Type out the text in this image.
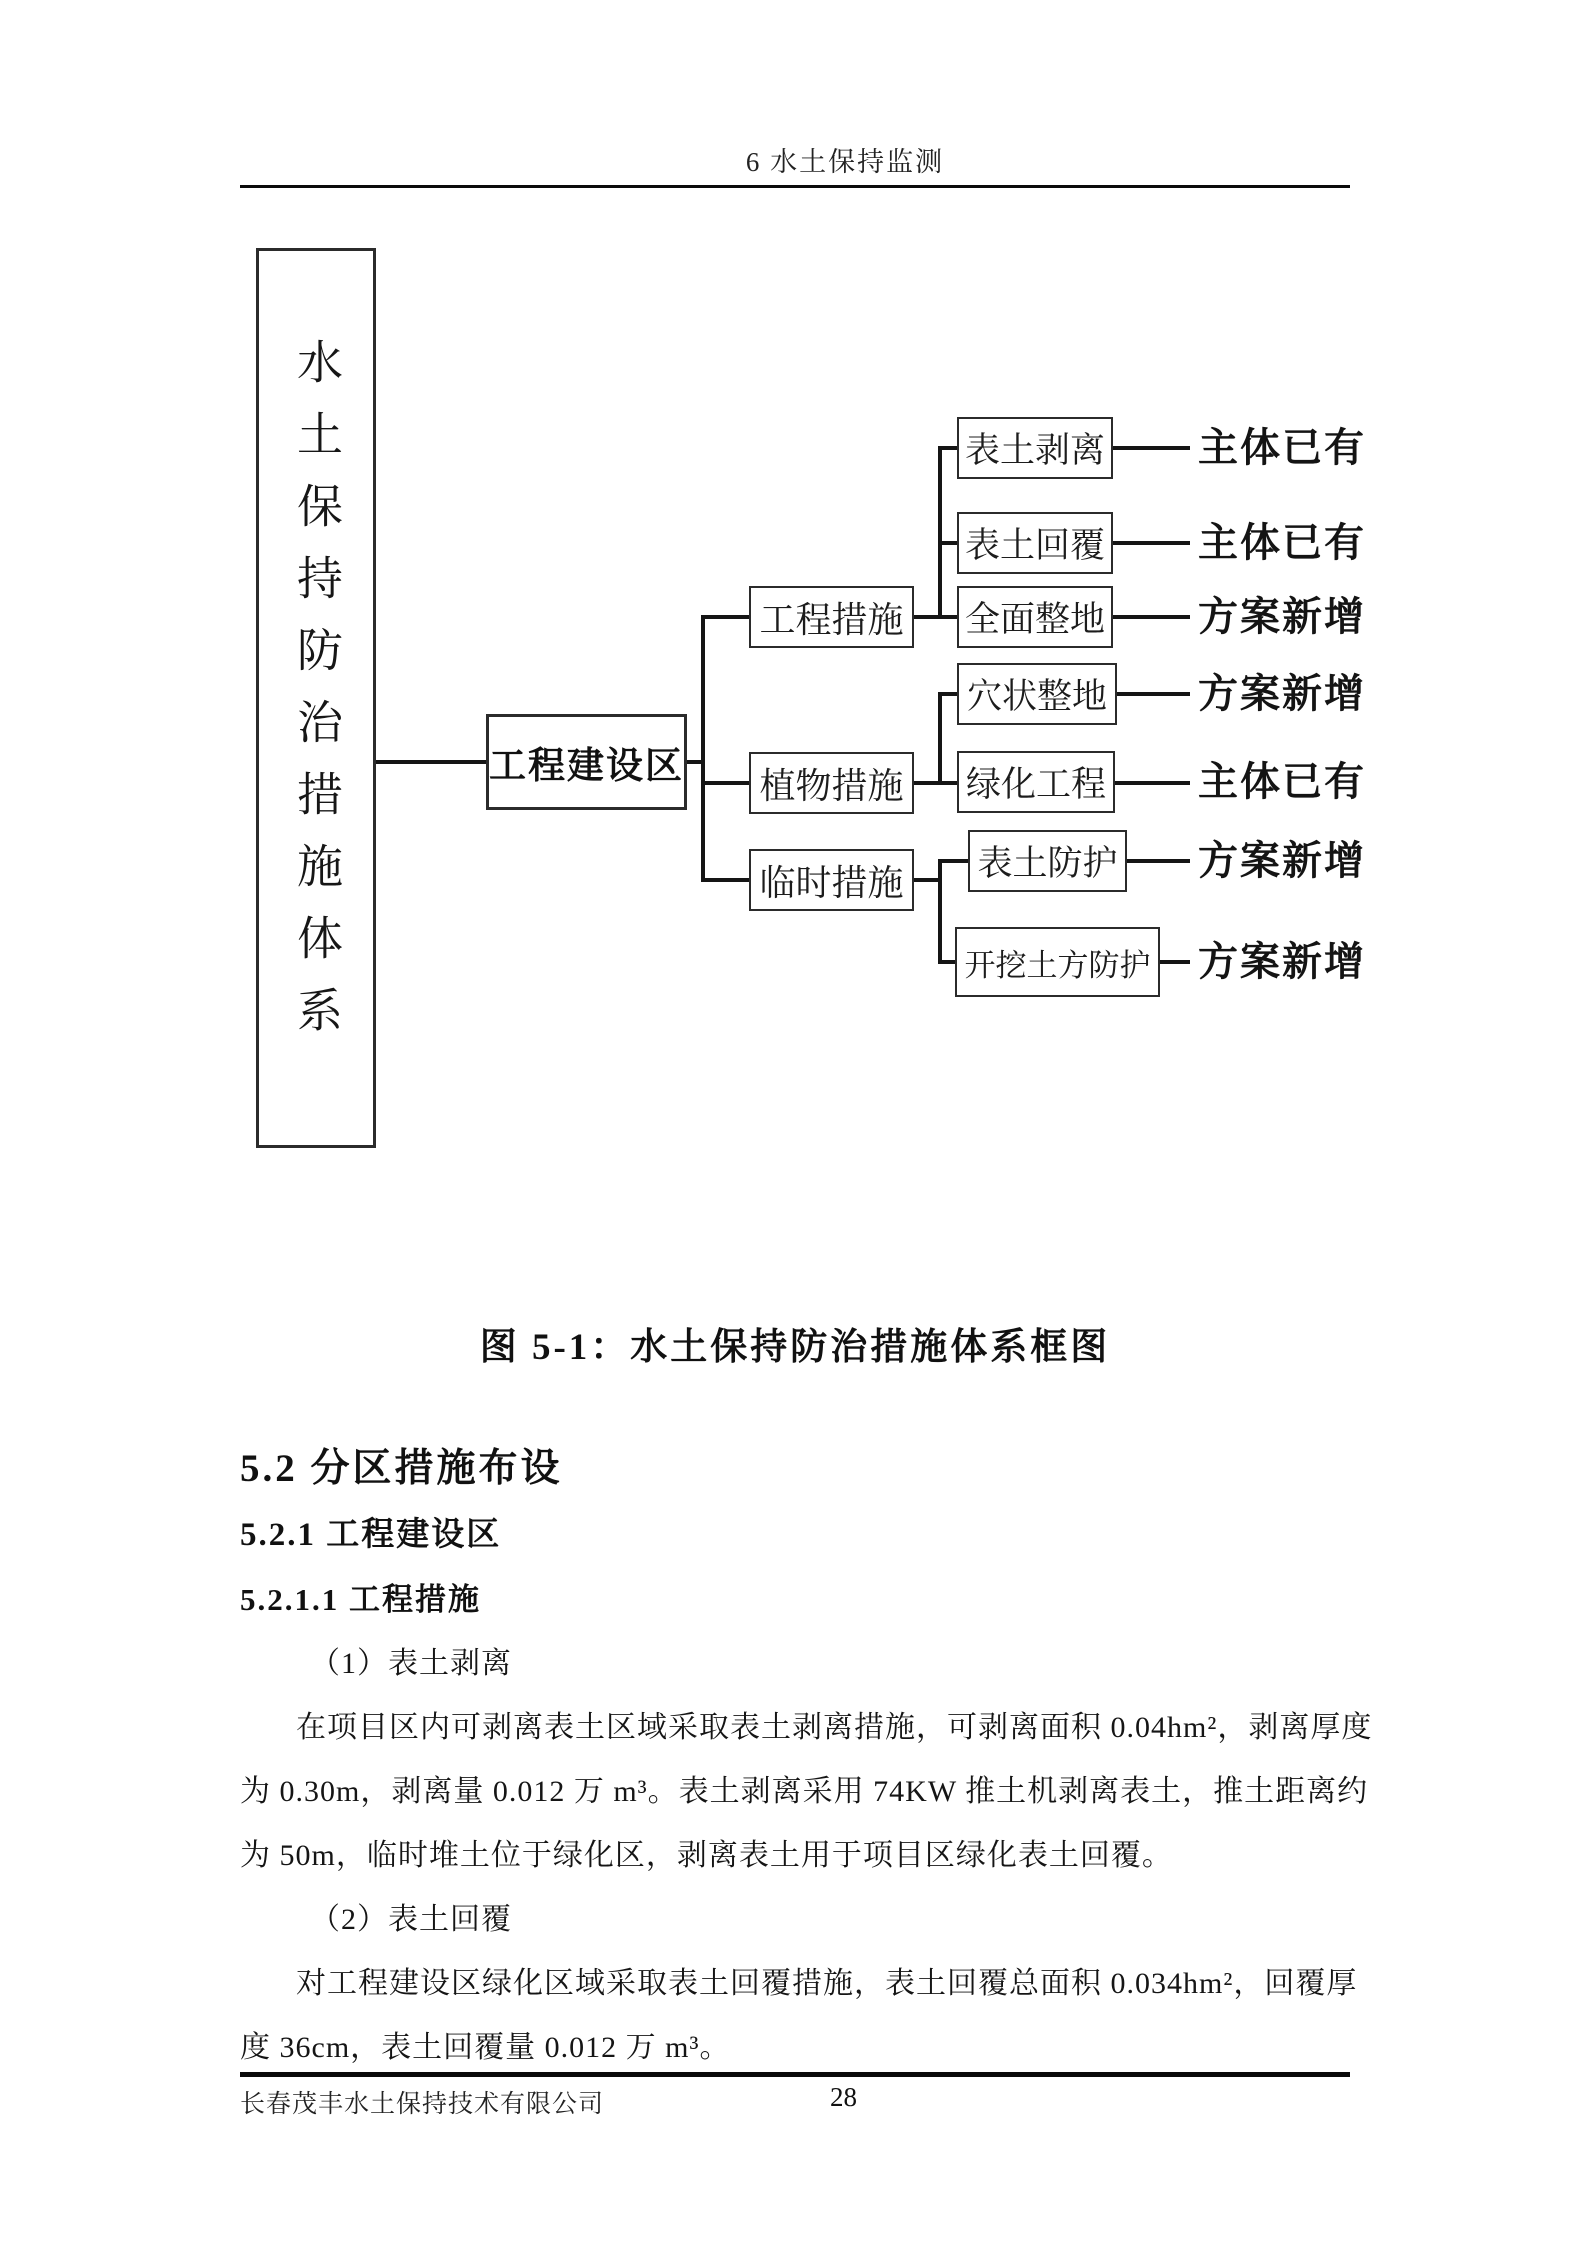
6 水土保持监测
水土保持防治措施体系	工程建设区
工程措施
植物措施
临时措施
表土剥离
表土回覆
全面整地
穴状整地
绿化工程
表土防护
开挖土方防护
主体已有
主体已有
方案新增
方案新增
主体已有
方案新增
方案新增
图 5-1：水土保持防治措施体系框图
5.2 分区措施布设
5.2.1 工程建设区
5.2.1.1 工程措施
（1）表土剥离
在项目区内可剥离表土区域采取表土剥离措施，可剥离面积 0.04hm²，剥离厚度
为 0.30m，剥离量 0.012 万 m³。表土剥离采用 74KW 推土机剥离表土，推土距离约
为 50m，临时堆土位于绿化区，剥离表土用于项目区绿化表土回覆。
（2）表土回覆
对工程建设区绿化区域采取表土回覆措施，表土回覆总面积 0.034hm²，回覆厚
度 36cm，表土回覆量 0.012 万 m³。
长春茂丰水土保持技术有限公司	28
